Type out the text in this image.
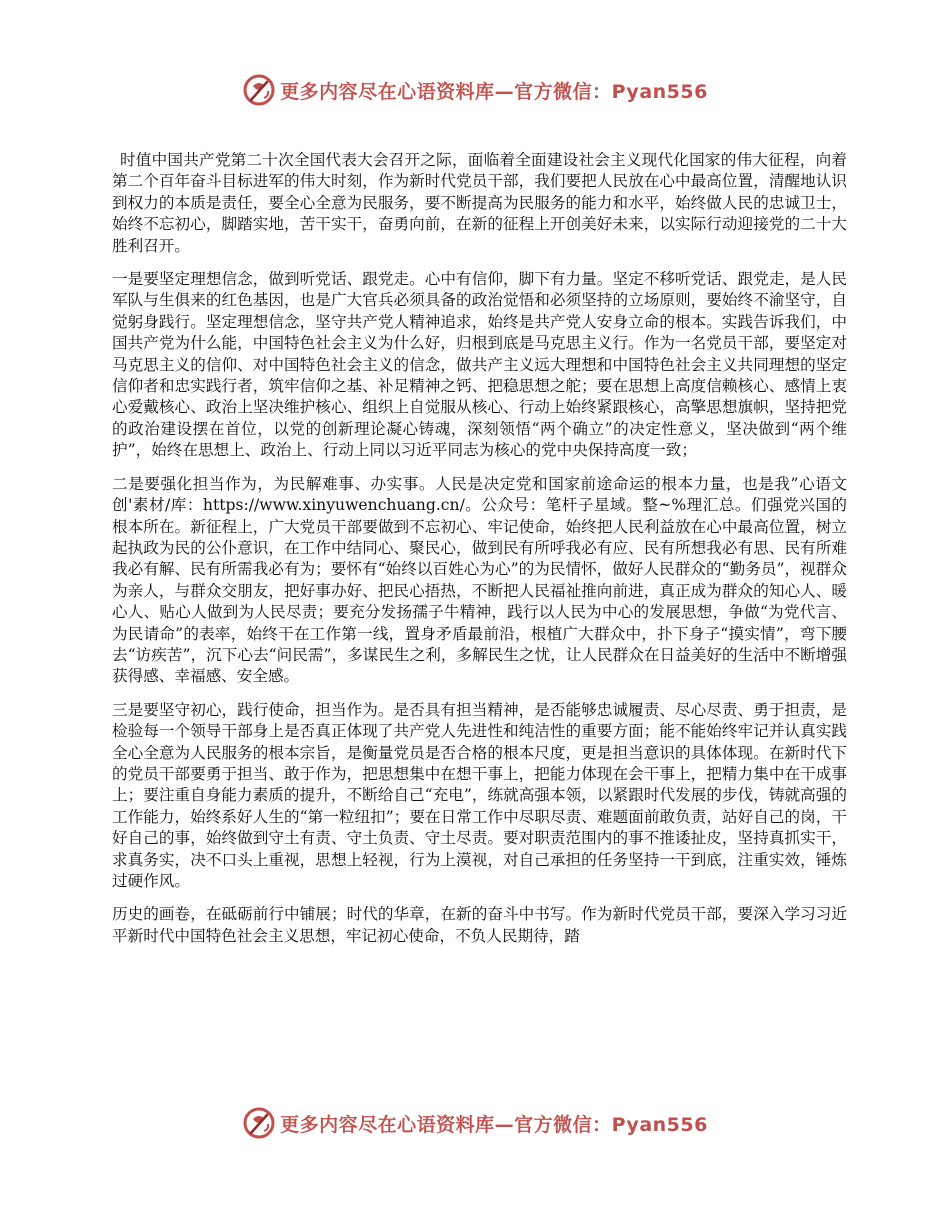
更多内容尽在心语资料库—官方微信：Pyan556

时值中国共产党第二十次全国代表大会召开之际，面临着全面建设社会主义现代化国家的伟大征程，向着第二个百年奋斗目标进军的伟大时刻，作为新时代党员干部，我们要把人民放在心中最高位置，清醒地认识到权力的本质是责任，要全心全意为民服务，要不断提高为民服务的能力和水平，始终做人民的忠诚卫士，始终不忘初心，脚踏实地，苦干实干，奋勇向前，在新的征程上开创美好未来，以实际行动迎接党的二十大胜利召开。

一是要坚定理想信念，做到听党话、跟党走。心中有信仰，脚下有力量。坚定不移听党话、跟党走，是人民军队与生俱来的红色基因，也是广大官兵必须具备的政治觉悟和必须坚持的立场原则，要始终不渝坚守，自觉躬身践行。坚定理想信念，坚守共产党人精神追求，始终是共产党人安身立命的根本。实践告诉我们，中国共产党为什么能，中国特色社会主义为什么好，归根到底是马克思主义行。作为一名党员干部，要坚定对马克思主义的信仰、对中国特色社会主义的信念，做共产主义远大理想和中国特色社会主义共同理想的坚定信仰者和忠实践行者，筑牢信仰之基、补足精神之钙、把稳思想之舵；要在思想上高度信赖核心、感情上衷心爱戴核心、政治上坚决维护核心、组织上自觉服从核心、行动上始终紧跟核心，高擎思想旗帜，坚持把党的政治建设摆在首位，以党的创新理论凝心铸魂，深刻领悟“两个确立”的决定性意义，坚决做到“两个维护”，始终在思想上、政治上、行动上同以习近平同志为核心的党中央保持高度一致；

二是要强化担当作为，为民解难事、办实事。人民是决定党和国家前途命运的根本力量，也是我”心语文创'素材/库：https://www.xinyuwenchuang.cn/。公众号：笔杆子星域。整~%理汇总。们强党兴国的根本所在。新征程上，广大党员干部要做到不忘初心、牢记使命，始终把人民利益放在心中最高位置，树立起执政为民的公仆意识，在工作中结同心、聚民心，做到民有所呼我必有应、民有所想我必有思、民有所难我必有解、民有所需我必有为；要怀有“始终以百姓心为心”的为民情怀，做好人民群众的“勤务员”，视群众为亲人，与群众交朋友，把好事办好、把民心捂热，不断把人民福祉推向前进，真正成为群众的知心人、暖心人、贴心人做到为人民尽责；要充分发扬孺子牛精神，践行以人民为中心的发展思想，争做“为党代言、为民请命”的表率，始终干在工作第一线，置身矛盾最前沿，根植广大群众中，扑下身子“摸实情”，弯下腰去“访疾苦”，沉下心去“问民需”，多谋民生之利，多解民生之忧，让人民群众在日益美好的生活中不断增强获得感、幸福感、安全感。

三是要坚守初心，践行使命，担当作为。是否具有担当精神，是否能够忠诚履责、尽心尽责、勇于担责，是检验每一个领导干部身上是否真正体现了共产党人先进性和纯洁性的重要方面；能不能始终牢记并认真实践全心全意为人民服务的根本宗旨，是衡量党员是否合格的根本尺度，更是担当意识的具体体现。在新时代下的党员干部要勇于担当、敢于作为，把思想集中在想干事上，把能力体现在会干事上，把精力集中在干成事上；要注重自身能力素质的提升，不断给自己“充电”，练就高强本领，以紧跟时代发展的步伐，铸就高强的工作能力，始终系好人生的“第一粒纽扣”；要在日常工作中尽职尽责、难题面前敢负责，站好自己的岗，干好自己的事，始终做到守土有责、守土负责、守土尽责。要对职责范围内的事不推诿扯皮，坚持真抓实干，求真务实，决不口头上重视，思想上轻视，行为上漠视，对自己承担的任务坚持一干到底，注重实效，锤炼过硬作风。

历史的画卷，在砥砺前行中铺展；时代的华章，在新的奋斗中书写。作为新时代党员干部，要深入学习习近平新时代中国特色社会主义思想，牢记初心使命，不负人民期待，踏

更多内容尽在心语资料库—官方微信：Pyan556
